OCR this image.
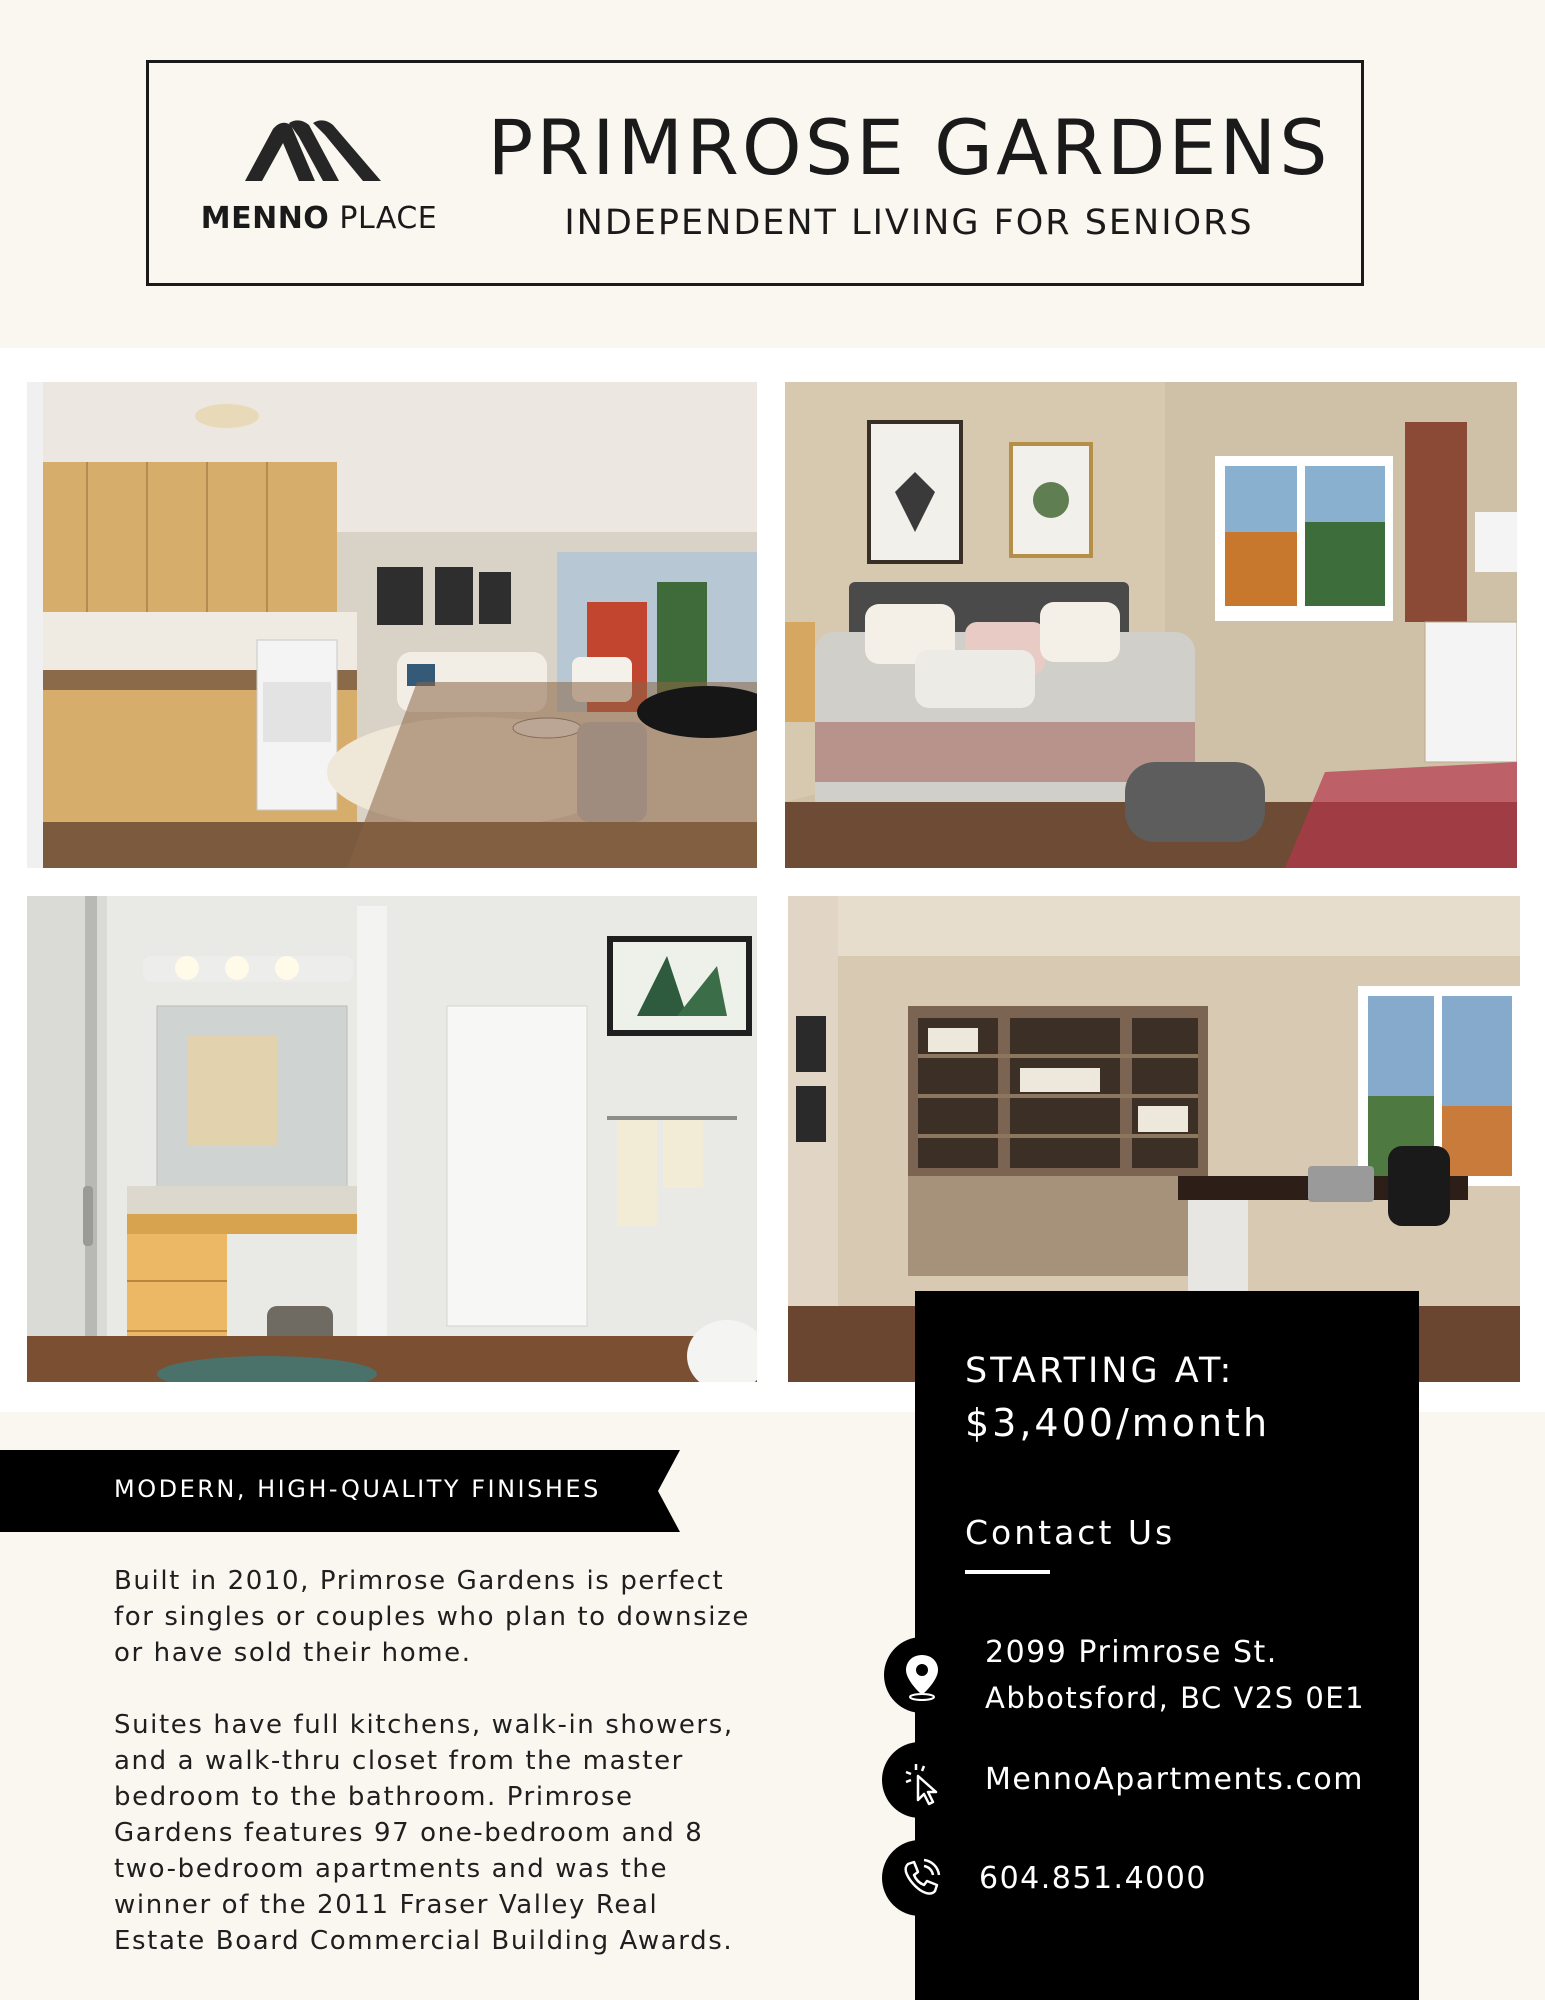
MENNO PLACE
PRIMROSE GARDENS
INDEPENDENT LIVING FOR SENIORS
MODERN, HIGH-QUALITY FINISHES
Built in 2010, Primrose Gardens is perfect for singles or couples who plan to downsize or have sold their home.
Suites have full kitchens, walk-in showers, and a walk-thru closet from the master bedroom to the bathroom. Primrose Gardens features 97 one-bedroom and 8 two-bedroom apartments and was the winner of the 2011 Fraser Valley Real Estate Board Commercial Building Awards.
STARTING AT:
$3,400/month
Contact Us
2099 Primrose St.
Abbotsford, BC V2S 0E1
MennoApartments.com
604.851.4000
